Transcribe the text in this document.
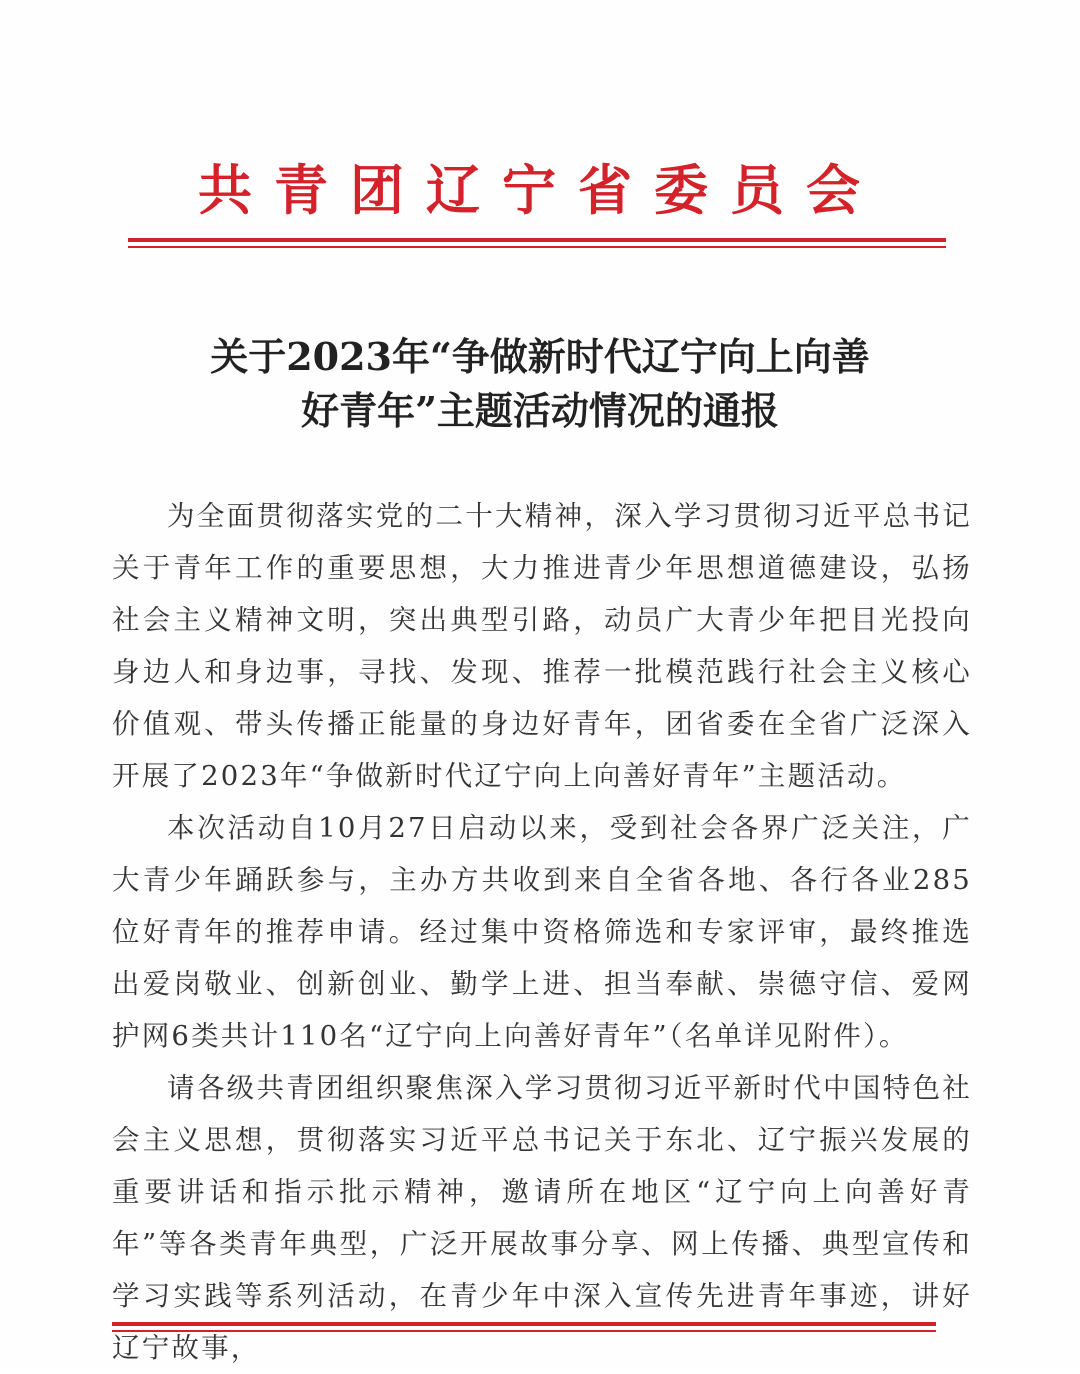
共青团辽宁省委员会
关于2023年“争做新时代辽宁向上向善
好青年”主题活动情况的通报

为全面贯彻落实党的二十大精神，深入学习贯彻习近平总书记关于青年工作的重要思想，大力推进青少年思想道德建设，弘扬社会主义精神文明，突出典型引路，动员广大青少年把目光投向身边人和身边事，寻找、发现、推荐一批模范践行社会主义核心价值观、带头传播正能量的身边好青年，团省委在全省广泛深入开展了2023年“争做新时代辽宁向上向善好青年”主题活动。

本次活动自10月27日启动以来，受到社会各界广泛关注，广大青少年踊跃参与，主办方共收到来自全省各地、各行各业285位好青年的推荐申请。经过集中资格筛选和专家评审，最终推选出爱岗敬业、创新创业、勤学上进、担当奉献、崇德守信、爱网护网6类共计110名“辽宁向上向善好青年”（名单详见附件）。

请各级共青团组织聚焦深入学习贯彻习近平新时代中国特色社会主义思想，贯彻落实习近平总书记关于东北、辽宁振兴发展的重要讲话和指示批示精神，邀请所在地区“辽宁向上向善好青年”等各类青年典型，广泛开展故事分享、网上传播、典型宣传和学习实践等系列活动，在青少年中深入宣传先进青年事迹，讲好辽宁故事，
